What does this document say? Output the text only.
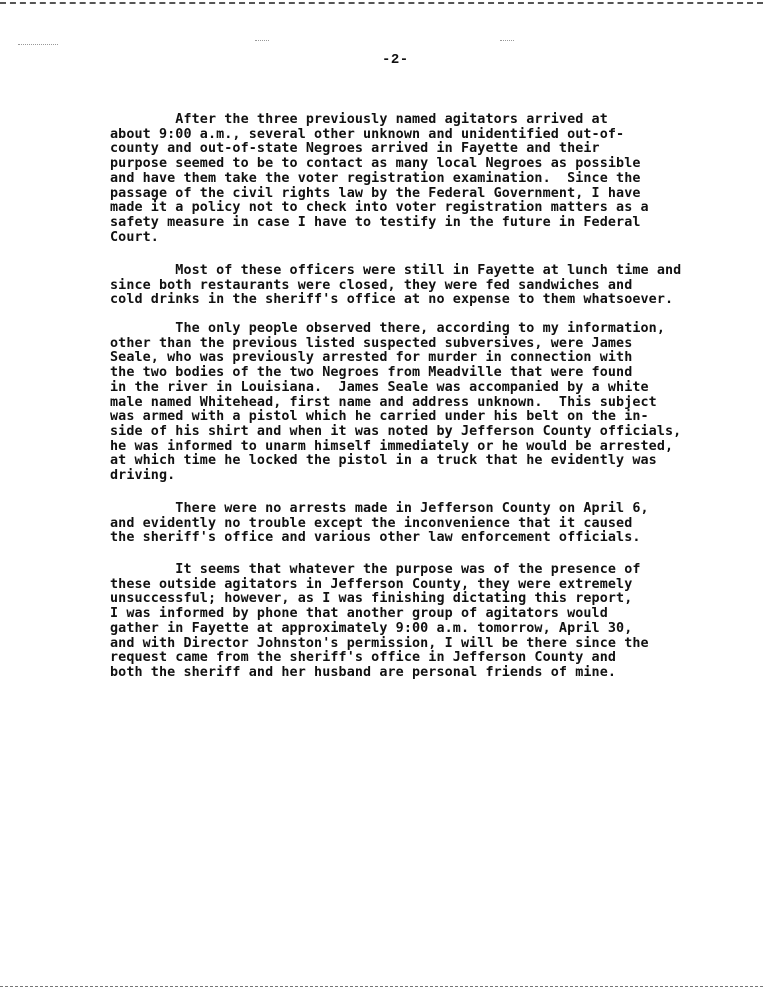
-2-
After the three previously named agitators arrived at
about 9:00 a.m., several other unknown and unidentified out-of-
county and out-of-state Negroes arrived in Fayette and their
purpose seemed to be to contact as many local Negroes as possible
and have them take the voter registration examination.  Since the
passage of the civil rights law by the Federal Government, I have
made it a policy not to check into voter registration matters as a
safety measure in case I have to testify in the future in Federal
Court.
Most of these officers were still in Fayette at lunch time and
since both restaurants were closed, they were fed sandwiches and
cold drinks in the sheriff's office at no expense to them whatsoever.
The only people observed there, according to my information,
other than the previous listed suspected subversives, were James
Seale, who was previously arrested for murder in connection with
the two bodies of the two Negroes from Meadville that were found
in the river in Louisiana.  James Seale was accompanied by a white
male named Whitehead, first name and address unknown.  This subject
was armed with a pistol which he carried under his belt on the in-
side of his shirt and when it was noted by Jefferson County officials,
he was informed to unarm himself immediately or he would be arrested,
at which time he locked the pistol in a truck that he evidently was
driving.
There were no arrests made in Jefferson County on April 6,
and evidently no trouble except the inconvenience that it caused
the sheriff's office and various other law enforcement officials.
It seems that whatever the purpose was of the presence of
these outside agitators in Jefferson County, they were extremely
unsuccessful; however, as I was finishing dictating this report,
I was informed by phone that another group of agitators would
gather in Fayette at approximately 9:00 a.m. tomorrow, April 30,
and with Director Johnston's permission, I will be there since the
request came from the sheriff's office in Jefferson County and
both the sheriff and her husband are personal friends of mine.
